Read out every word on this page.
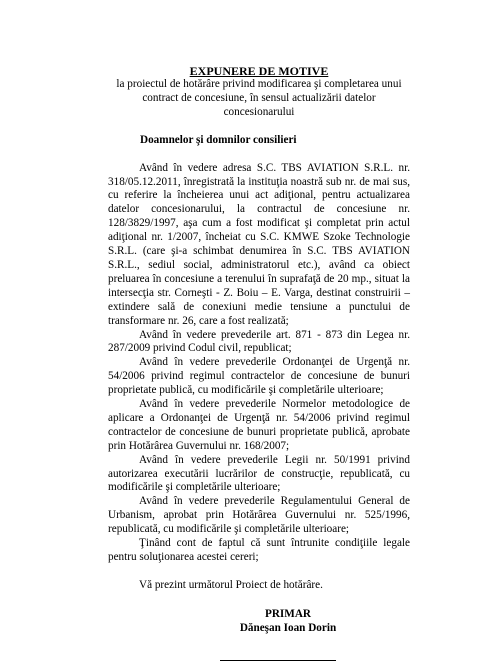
EXPUNERE DE MOTIVE
la proiectul de hotărâre privind modificarea şi completarea unui contract de concesiune, în sensul actualizării datelor concesionarului
Doamnelor şi domnilor consilieri

Având în vedere adresa S.C. TBS AVIATION S.R.L. nr. 318/05.12.2011, înregistrată la instituţia noastră sub nr. de mai sus, cu referire la încheierea unui act adiţional, pentru actualizarea datelor concesionarului, la contractul de concesiune nr. 128/3829/1997, aşa cum a fost modificat şi completat prin actul adiţional nr. 1/2007, încheiat cu S.C. KMWE Szoke Technologie S.R.L. (care şi-a schimbat denumirea în S.C. TBS AVIATION S.R.L., sediul social, administratorul etc.), având ca obiect preluarea în concesiune a terenului în suprafaţă de 20 mp., situat la intersecţia str. Corneşti - Z. Boiu – E. Varga, destinat construirii – extindere sală de conexiuni medie tensiune a punctului de transformare nr. 26, care a fost realizată;

Având în vedere prevederile art. 871 - 873 din Legea nr. 287/2009 privind Codul civil, republicat;

Având în vedere prevederile Ordonanţei de Urgenţă nr. 54/2006 privind regimul contractelor de concesiune de bunuri proprietate publică, cu modificările şi completările ulterioare;

Având în vedere prevederile Normelor metodologice de aplicare a Ordonanţei de Urgenţă nr. 54/2006 privind regimul contractelor de concesiune de bunuri proprietate publică, aprobate prin Hotărârea Guvernului nr. 168/2007;

Având în vedere prevederile Legii nr. 50/1991 privind autorizarea executării lucrărilor de construcţie, republicată, cu modificările şi completările ulterioare;

Având în vedere prevederile Regulamentului General de Urbanism, aprobat prin Hotărârea Guvernului nr. 525/1996, republicată, cu modificările şi completările ulterioare;

Ţinând cont de faptul că sunt întrunite condiţiile legale pentru soluţionarea acestei cereri;

Vă prezint următorul Proiect de hotărâre.
PRIMAR
Dăneşan Ioan Dorin
